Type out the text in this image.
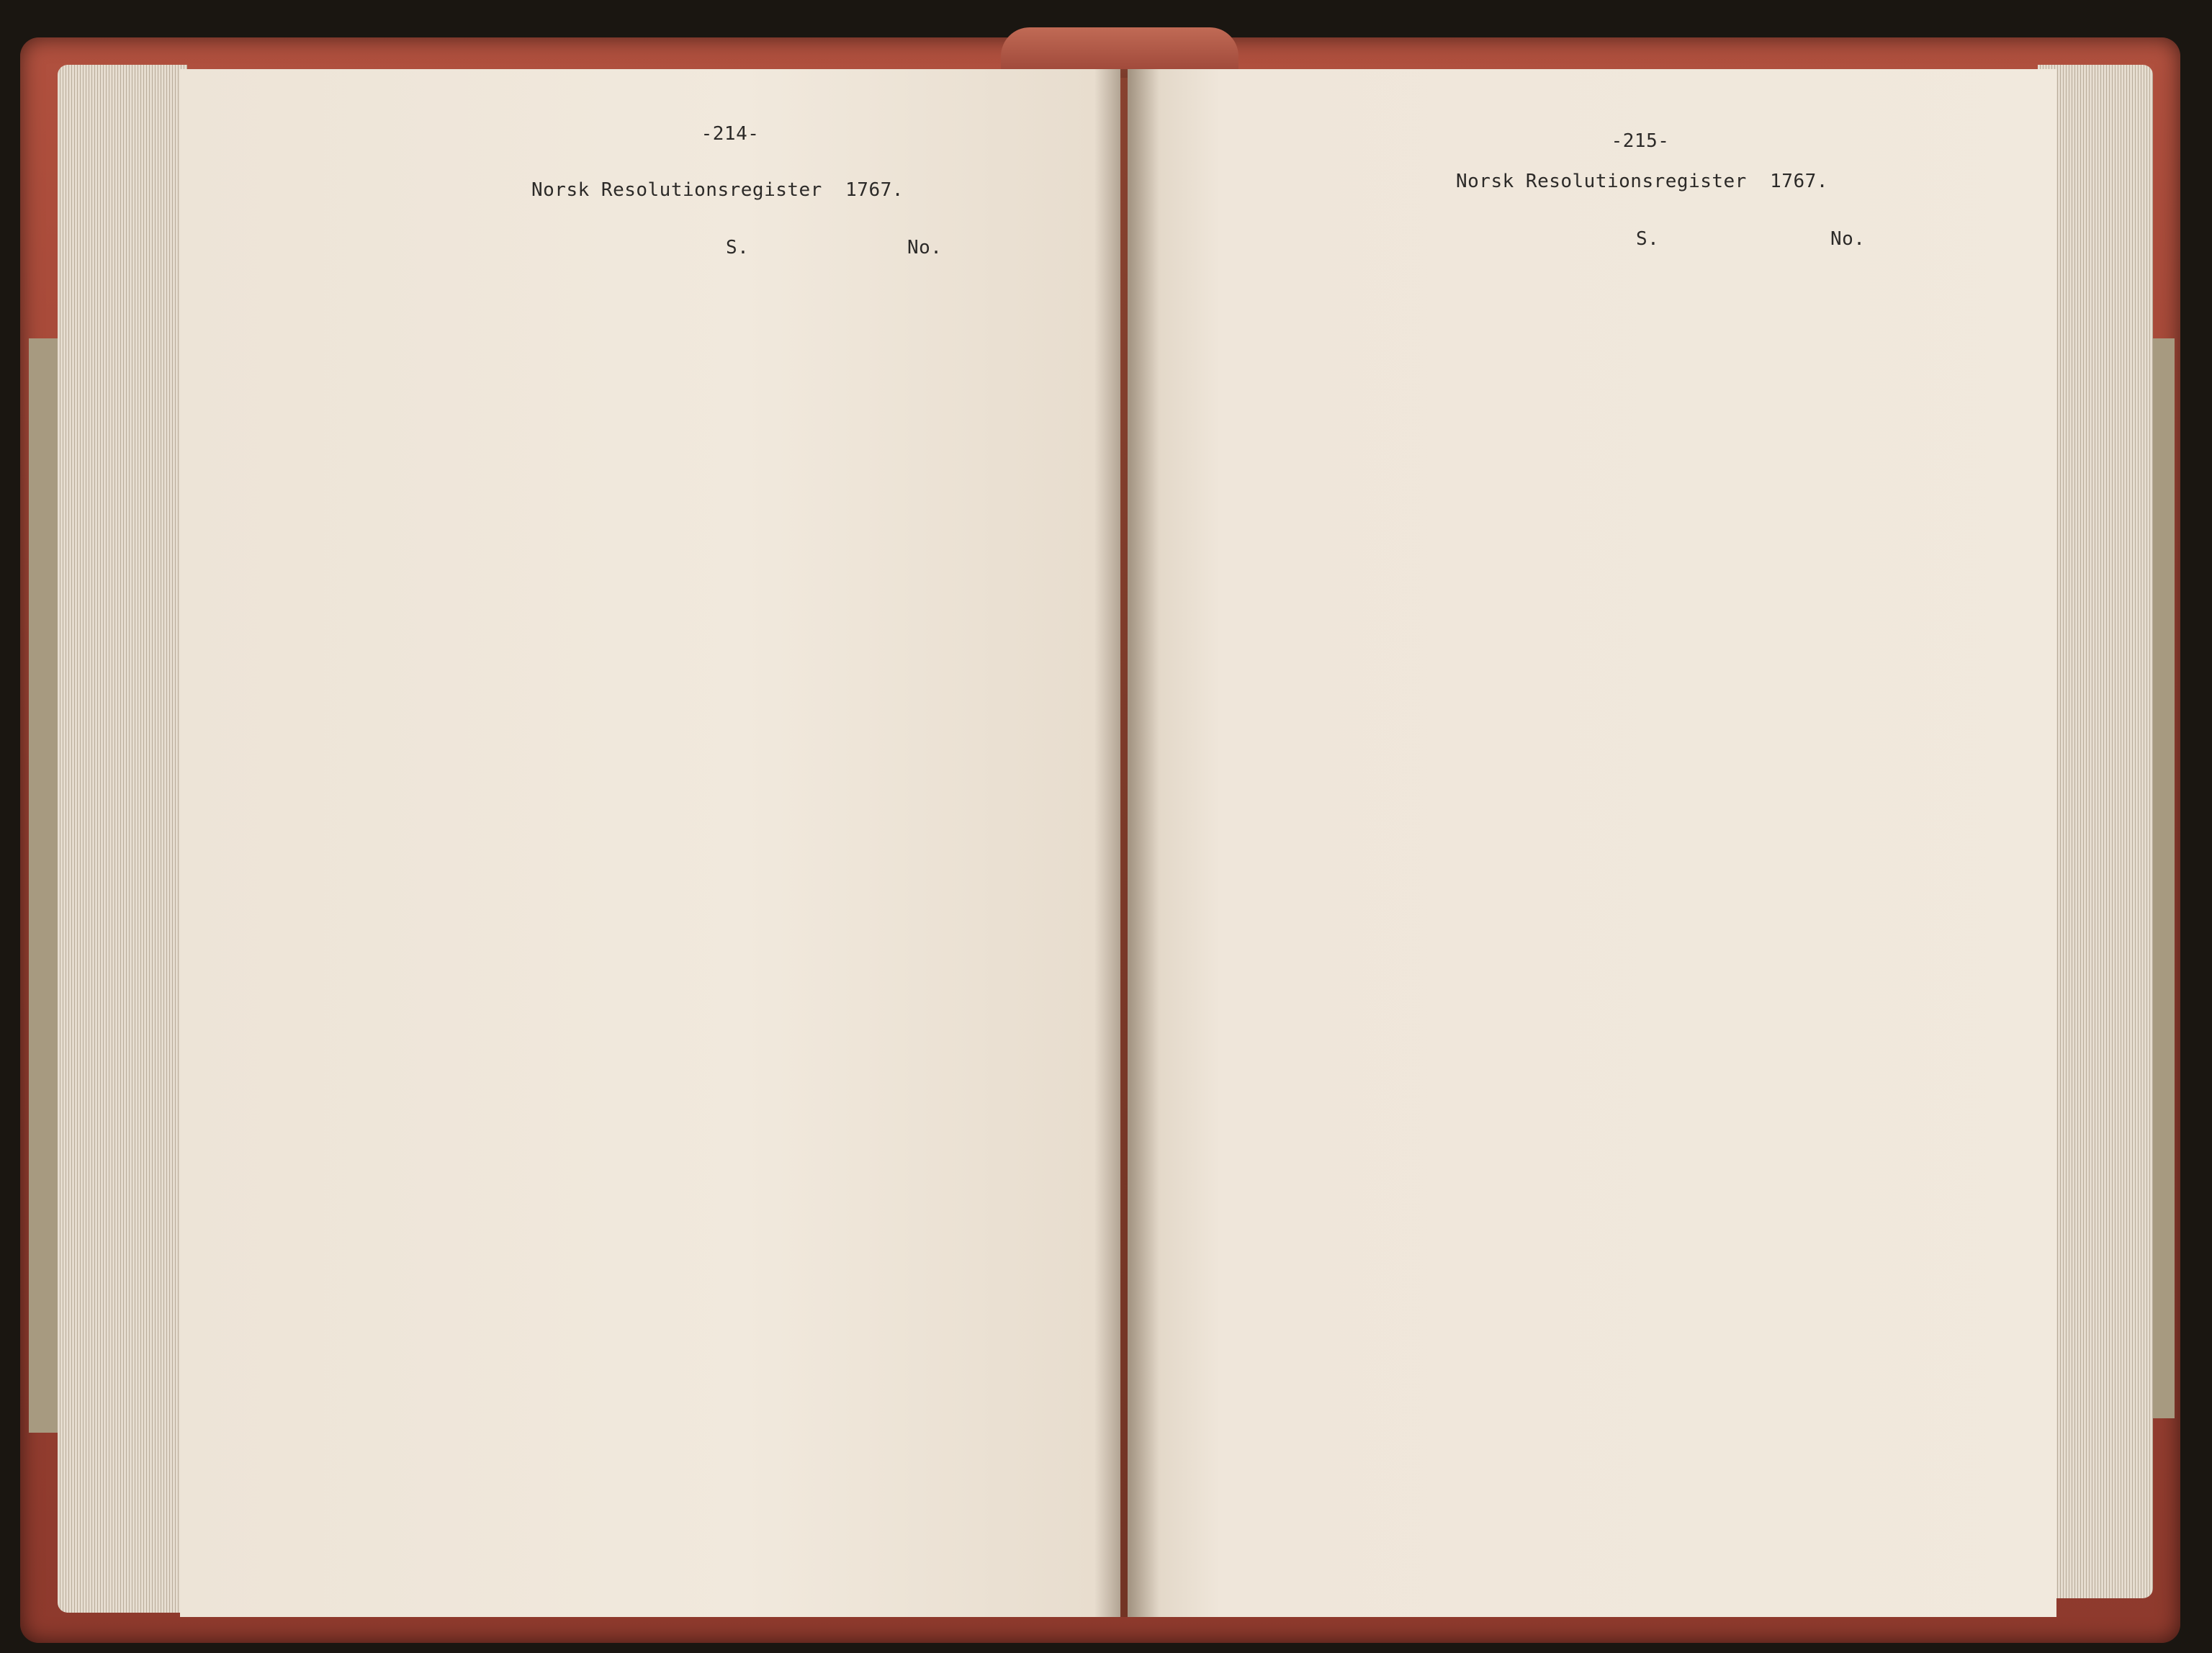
-214-
Norsk Resolutionsregister  1767.
S.	No.
-215-
Norsk Resolutionsregister  1767.
S.	No.
